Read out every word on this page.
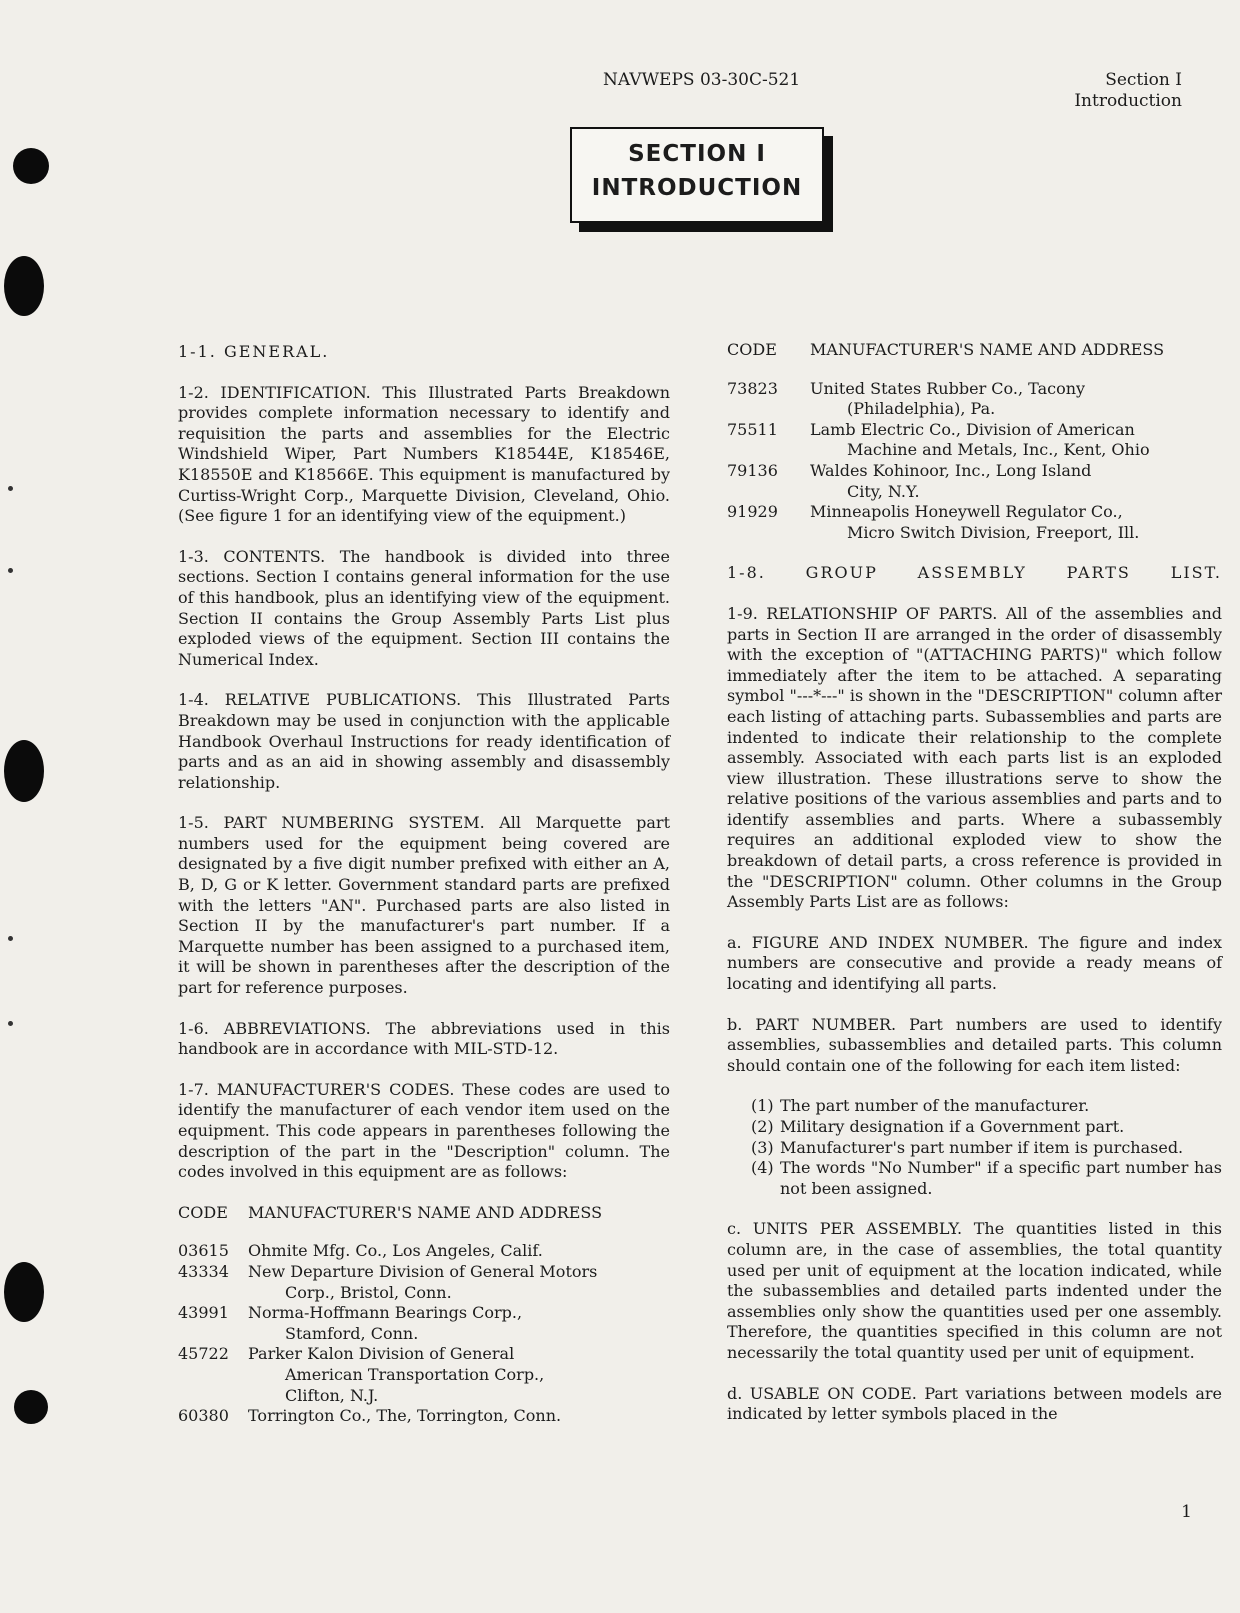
NAVWEPS 03-30C-521	Section I
Introduction
SECTION I
INTRODUCTION

1-1. GENERAL.

1-2. IDENTIFICATION. This Illustrated Parts Breakdown provides complete information necessary to identify and requisition the parts and assemblies for the Electric Windshield Wiper, Part Numbers K18544E, K18546E, K18550E and K18566E. This equipment is manufactured by Curtiss-Wright Corp., Marquette Division, Cleveland, Ohio. (See figure 1 for an identifying view of the equipment.)

1-3. CONTENTS. The handbook is divided into three sections. Section I contains general information for the use of this handbook, plus an identifying view of the equipment. Section II contains the Group Assembly Parts List plus exploded views of the equipment. Section III contains the Numerical Index.

1-4. RELATIVE PUBLICATIONS. This Illustrated Parts Breakdown may be used in conjunction with the applicable Handbook Overhaul Instructions for ready identification of parts and as an aid in showing assembly and disassembly relationship.

1-5. PART NUMBERING SYSTEM. All Marquette part numbers used for the equipment being covered are designated by a five digit number prefixed with either an A, B, D, G or K letter. Government standard parts are prefixed with the letters "AN". Purchased parts are also listed in Section II by the manufacturer's part number. If a Marquette number has been assigned to a purchased item, it will be shown in parentheses after the description of the part for reference purposes.

1-6. ABBREVIATIONS. The abbreviations used in this handbook are in accordance with MIL-STD-12.

1-7. MANUFACTURER'S CODES. These codes are used to identify the manufacturer of each vendor item used on the equipment. This code appears in parentheses following the description of the part in the "Description" column. The codes involved in this equipment are as follows:

CODE	MANUFACTURER'S NAME AND ADDRESS
03615	Ohmite Mfg. Co., Los Angeles, Calif.
43334	New Departure Division of General Motors
Corp., Bristol, Conn.
43991	Norma-Hoffmann Bearings Corp.,
Stamford, Conn.
45722	Parker Kalon Division of General
American Transportation Corp.,
Clifton, N.J.
60380	Torrington Co., The, Torrington, Conn.
CODE	MANUFACTURER'S NAME AND ADDRESS
73823	United States Rubber Co., Tacony
(Philadelphia), Pa.
75511	Lamb Electric Co., Division of American
Machine and Metals, Inc., Kent, Ohio
79136	Waldes Kohinoor, Inc., Long Island
City, N.Y.
91929	Minneapolis Honeywell Regulator Co.,
Micro Switch Division, Freeport, Ill.
1-8. GROUP ASSEMBLY PARTS LIST.

1-9. RELATIONSHIP OF PARTS. All of the assemblies and parts in Section II are arranged in the order of disassembly with the exception of "(ATTACHING PARTS)" which follow immediately after the item to be attached. A separating symbol "---*---" is shown in the "DESCRIPTION" column after each listing of attaching parts. Subassemblies and parts are indented to indicate their relationship to the complete assembly. Associated with each parts list is an exploded view illustration. These illustrations serve to show the relative positions of the various assemblies and parts and to identify assemblies and parts. Where a subassembly requires an additional exploded view to show the breakdown of detail parts, a cross reference is provided in the "DESCRIPTION" column. Other columns in the Group Assembly Parts List are as follows:

a. FIGURE AND INDEX NUMBER. The figure and index numbers are consecutive and provide a ready means of locating and identifying all parts.

b. PART NUMBER. Part numbers are used to identify assemblies, subassemblies and detailed parts. This column should contain one of the following for each item listed:

(1) The part number of the manufacturer.
(2) Military designation if a Government part.
(3) Manufacturer's part number if item is purchased.
(4) The words "No Number" if a specific part number has not been assigned.

c. UNITS PER ASSEMBLY. The quantities listed in this column are, in the case of assemblies, the total quantity used per unit of equipment at the location indicated, while the subassemblies and detailed parts indented under the assemblies only show the quantities used per one assembly. Therefore, the quantities specified in this column are not necessarily the total quantity used per unit of equipment.

d. USABLE ON CODE. Part variations between models are indicated by letter symbols placed in the

1
